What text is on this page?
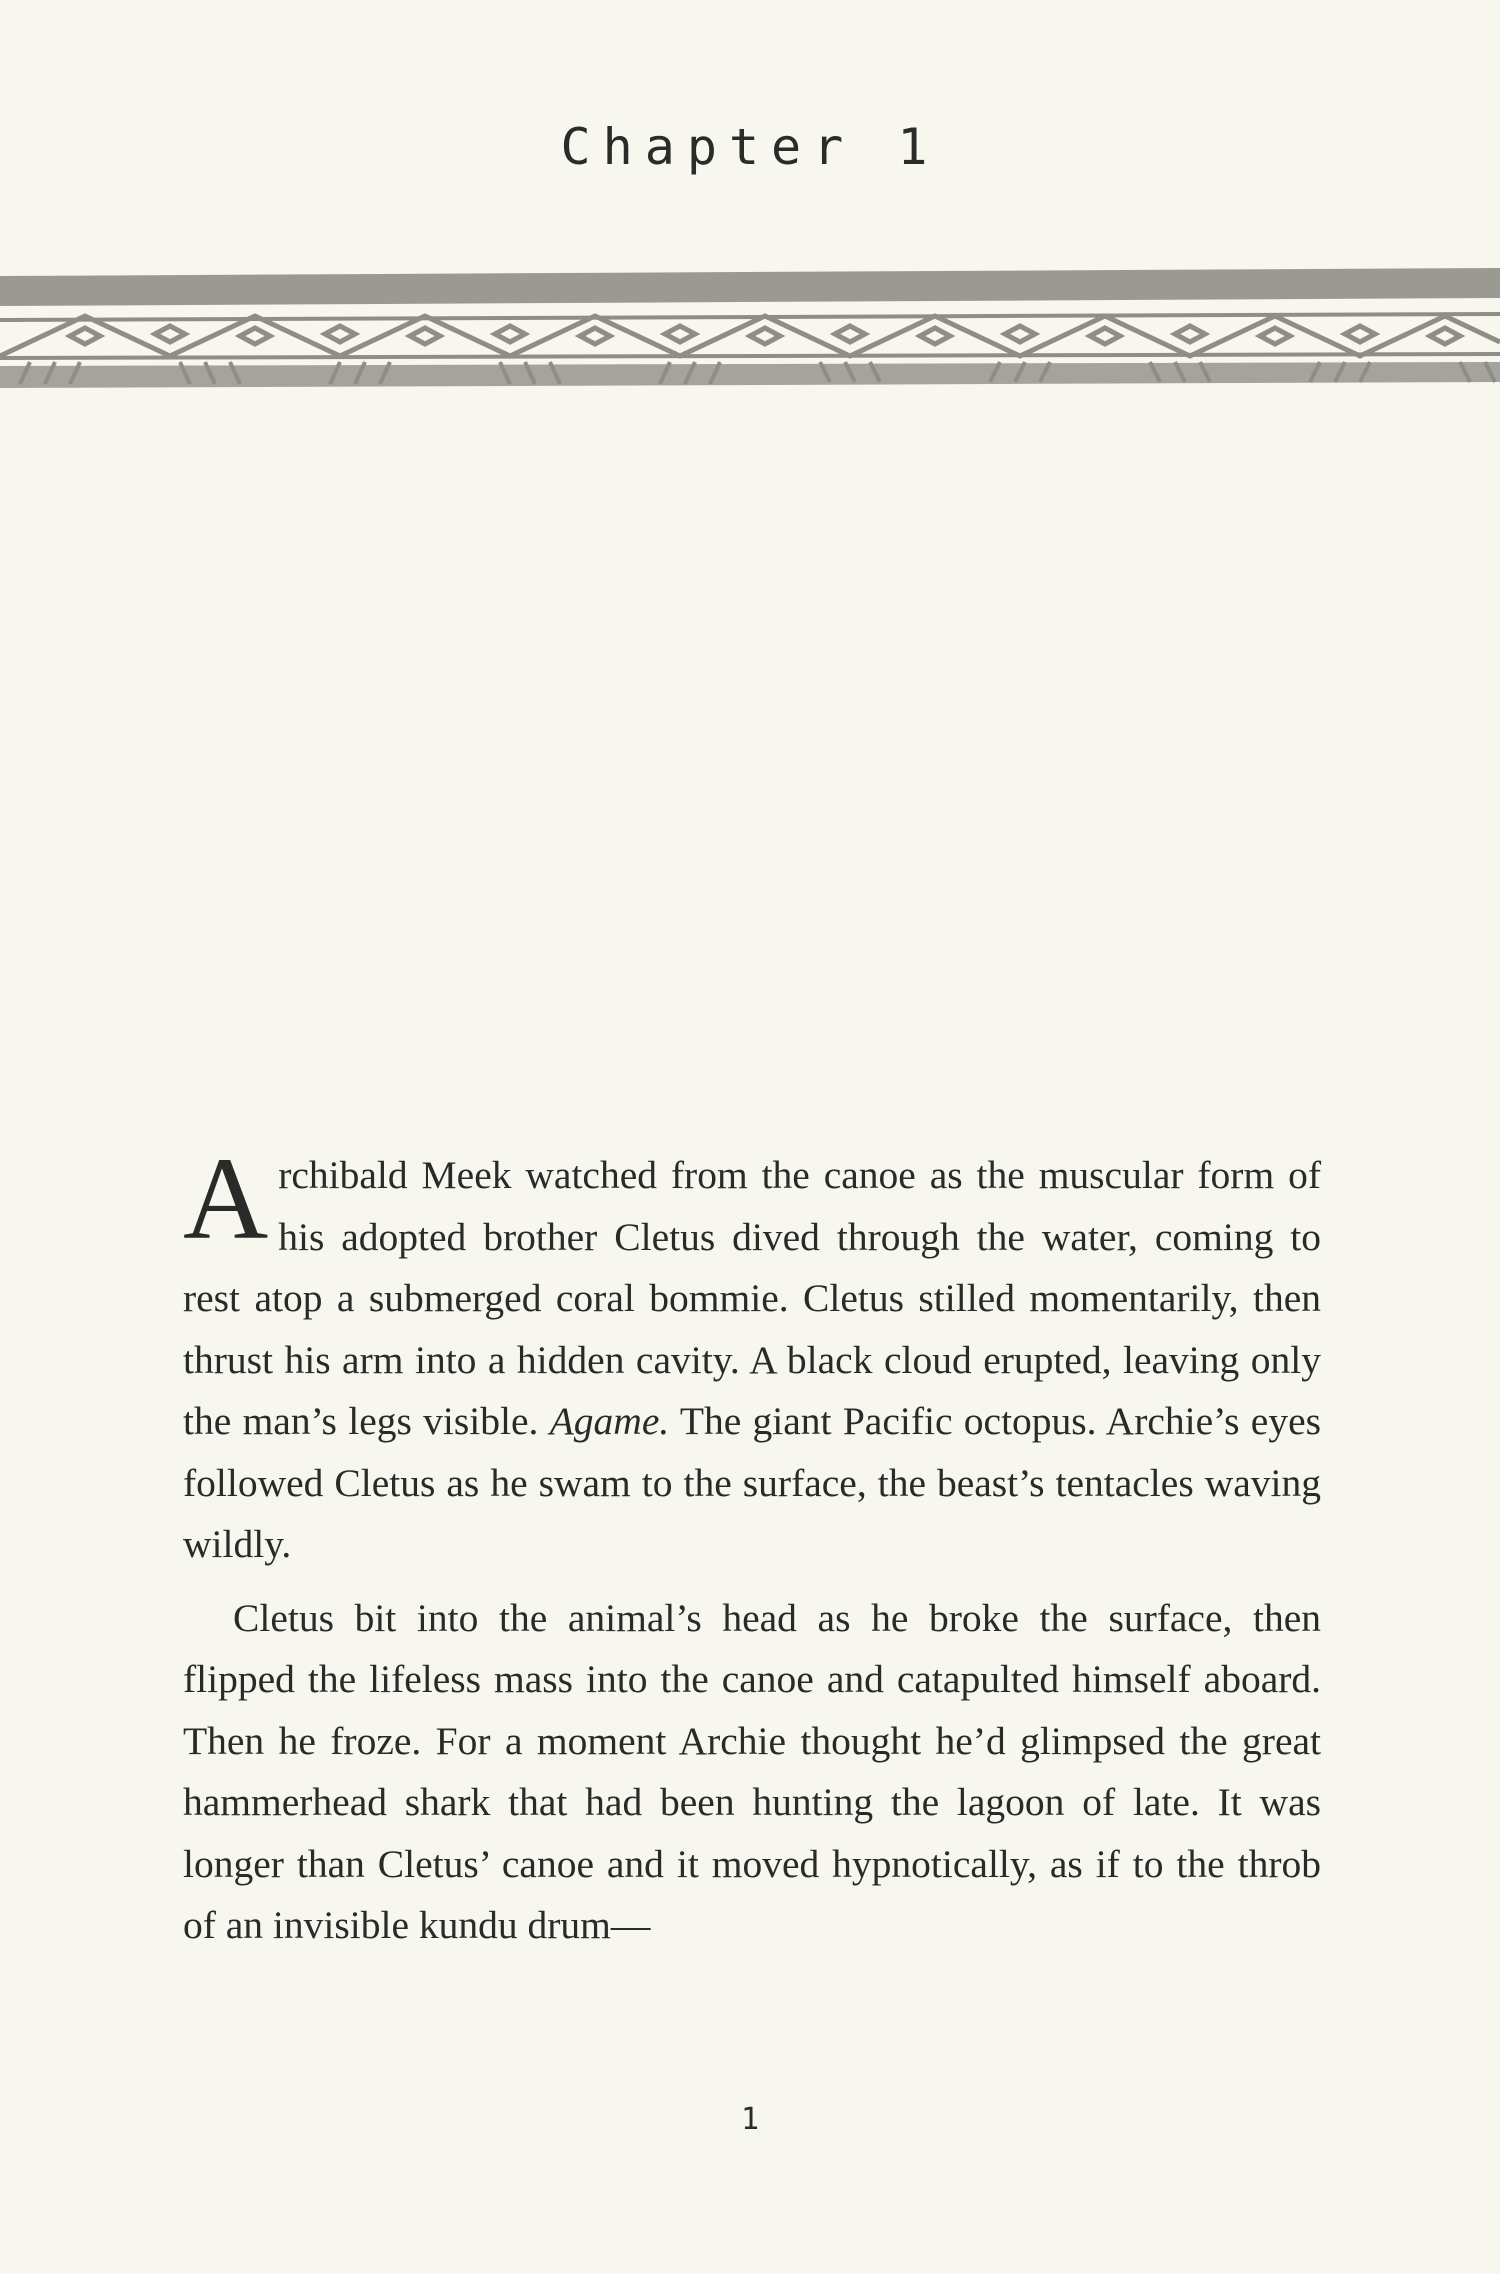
Chapter 1

Archibald Meek watched from the canoe as the muscular form of his adopted brother Cletus dived through the water, coming to rest atop a submerged coral bommie. Cletus stilled momentarily, then thrust his arm into a hidden cavity. A black cloud erupted, leaving only the man’s legs visible. Agame. The giant Pacific octopus. Archie’s eyes followed Cletus as he swam to the surface, the beast’s tentacles waving wildly.

Cletus bit into the animal’s head as he broke the surface, then flipped the lifeless mass into the canoe and catapulted himself aboard. Then he froze. For a moment Archie thought he’d glimpsed the great hammerhead shark that had been hunting the lagoon of late. It was longer than Cletus’ canoe and it moved hypnotically, as if to the throb of an invisible kundu drum—

1
